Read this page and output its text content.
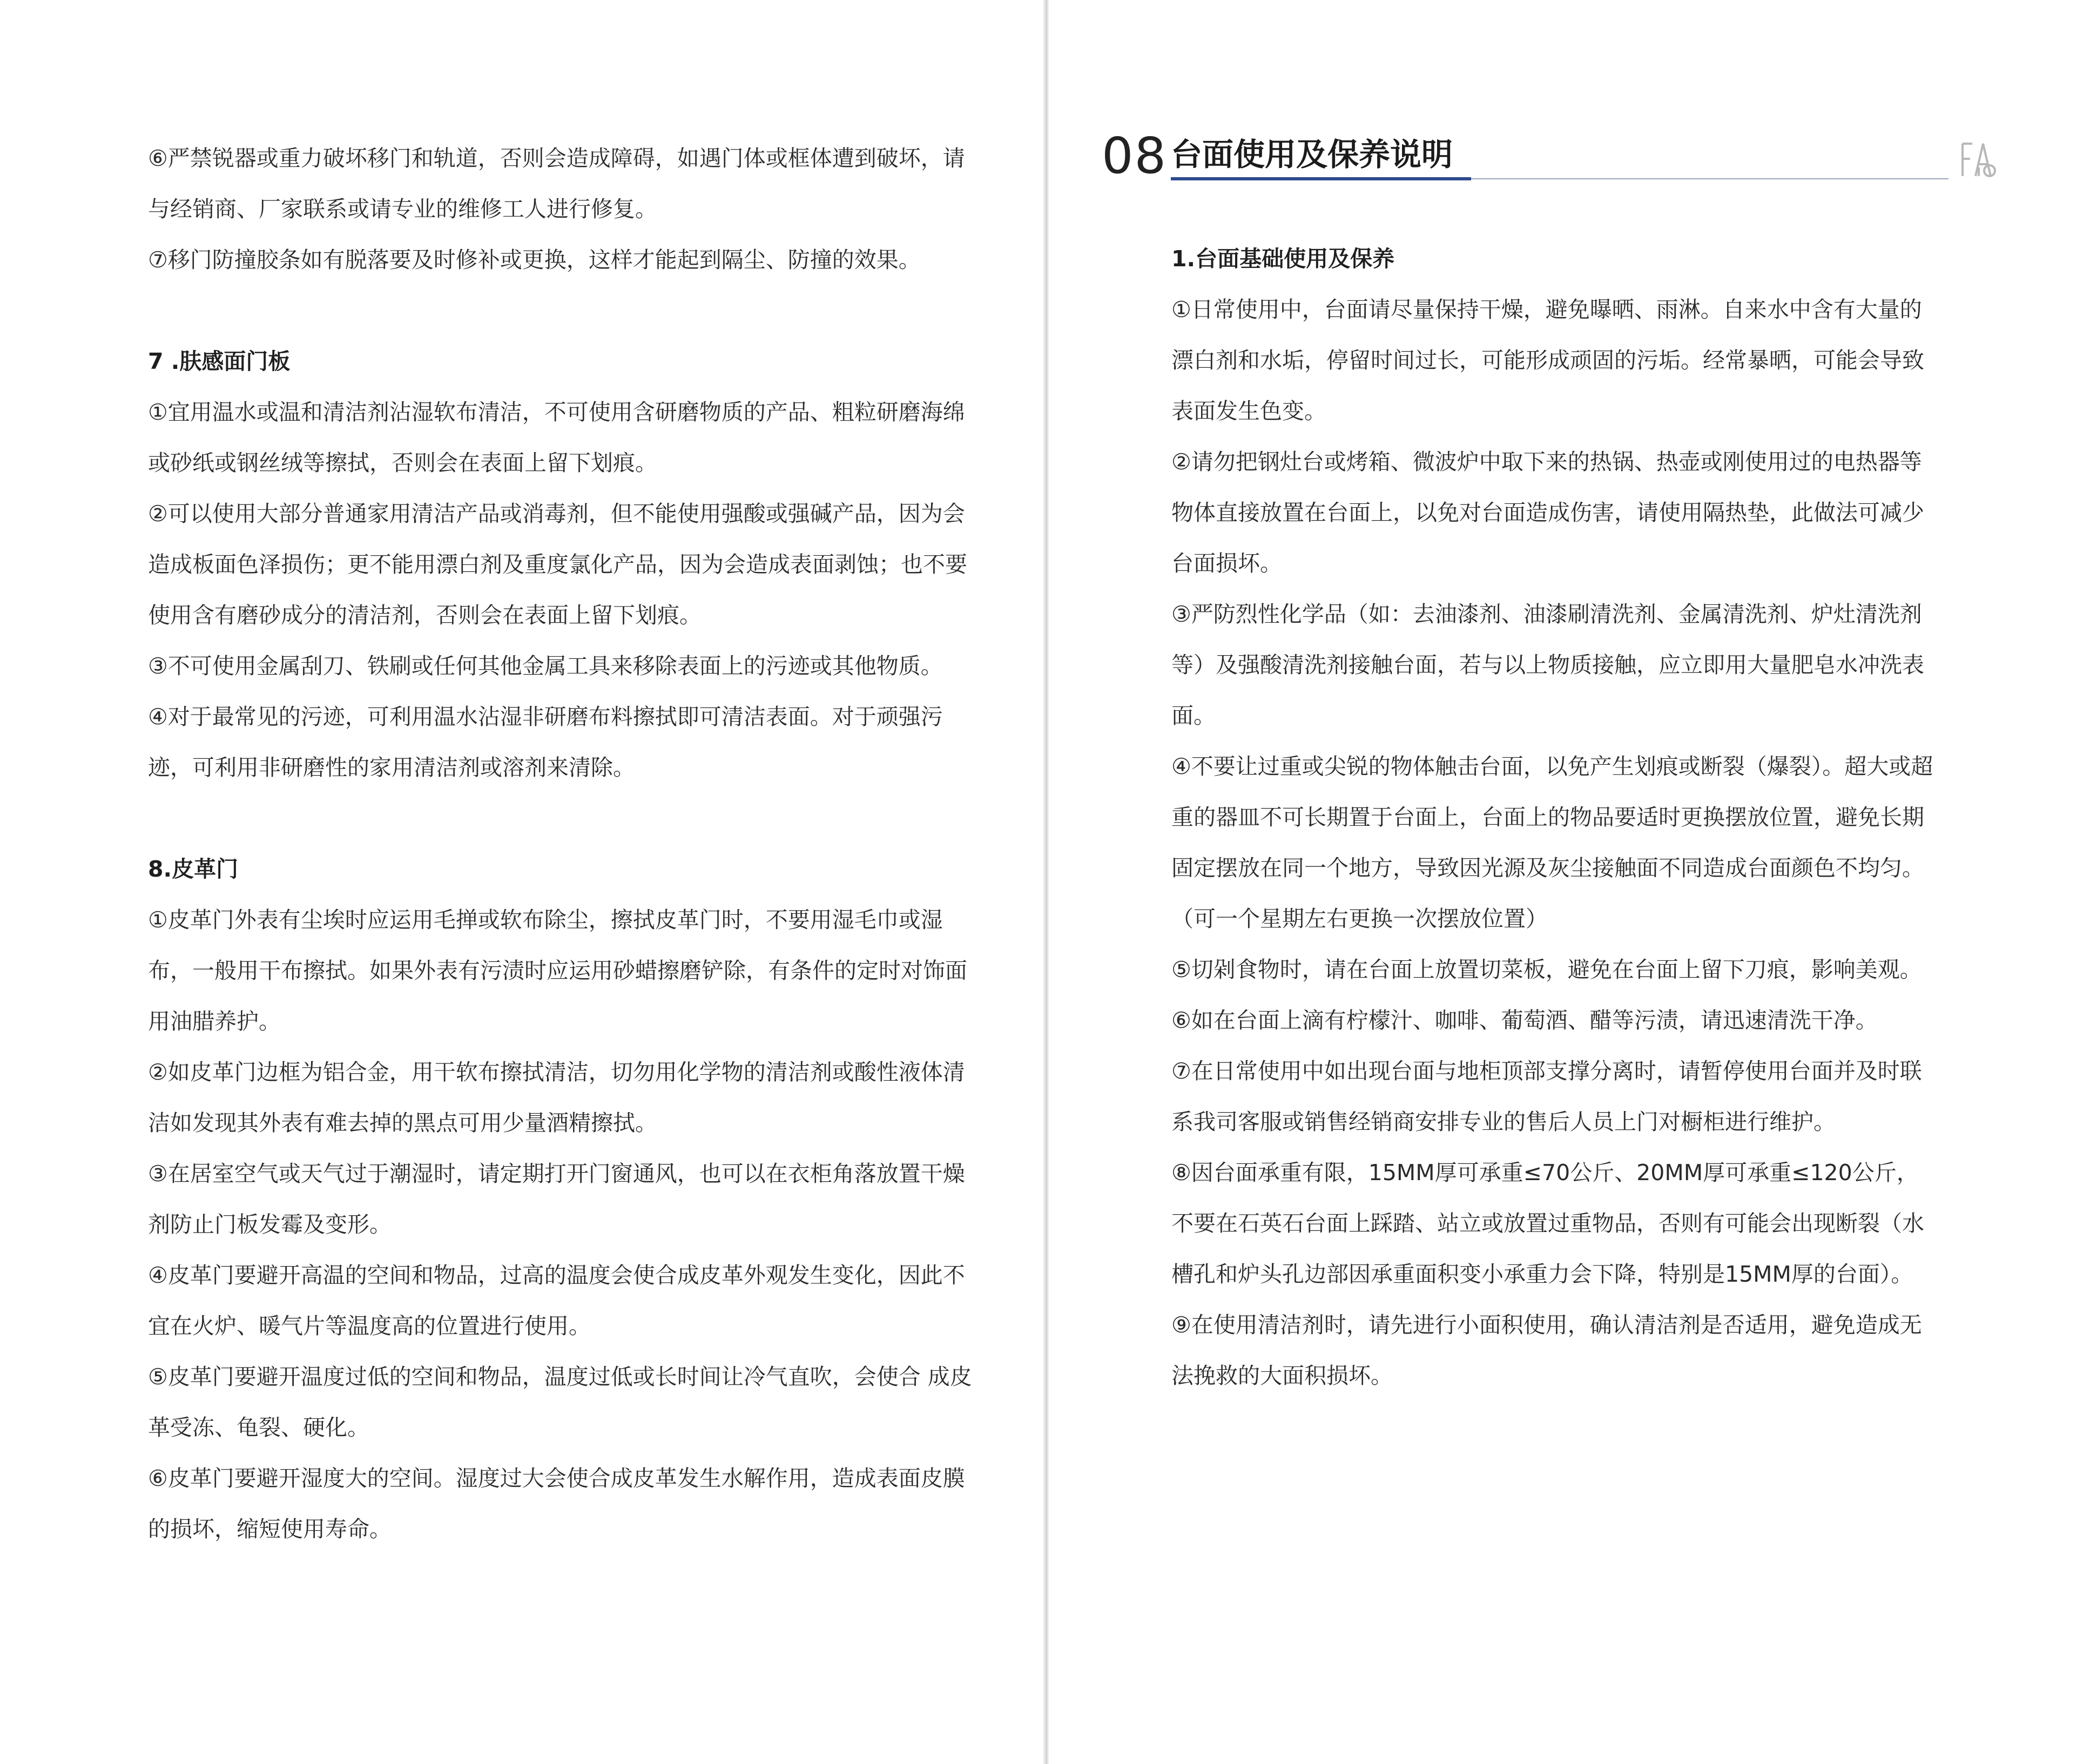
⑥严禁锐器或重力破坏移门和轨道，否则会造成障碍，如遇门体或框体遭到破坏，请与经销商、厂家联系或请专业的维修工人进行修复。

⑦移门防撞胶条如有脱落要及时修补或更换，这样才能起到隔尘、防撞的效果。

7 .肤感面门板

①宜用温水或温和清洁剂沾湿软布清洁，不可使用含研磨物质的产品、粗粒研磨海绵或砂纸或钢丝绒等擦拭，否则会在表面上留下划痕。

②可以使用大部分普通家用清洁产品或消毒剂，但不能使用强酸或强碱产品，因为会造成板面色泽损伤；更不能用漂白剂及重度氯化产品，因为会造成表面剥蚀；也不要使用含有磨砂成分的清洁剂，否则会在表面上留下划痕。

③不可使用金属刮刀、铁刷或任何其他金属工具来移除表面上的污迹或其他物质。

④对于最常见的污迹，可利用温水沾湿非研磨布料擦拭即可清洁表面。对于顽强污迹，可利用非研磨性的家用清洁剂或溶剂来清除。

8.皮革门

①皮革门外表有尘埃时应运用毛掸或软布除尘，擦拭皮革门时，不要用湿毛巾或湿布，一般用干布擦拭。如果外表有污渍时应运用砂蜡擦磨铲除，有条件的定时对饰面用油腊养护。

②如皮革门边框为铝合金，用干软布擦拭清洁，切勿用化学物的清洁剂或酸性液体清洁如发现其外表有难去掉的黑点可用少量酒精擦拭。

③在居室空气或天气过于潮湿时，请定期打开门窗通风，也可以在衣柜角落放置干燥剂防止门板发霉及变形。

④皮革门要避开高温的空间和物品，过高的温度会使合成皮革外观发生变化，因此不宜在火炉、暖气片等温度高的位置进行使用。

⑤皮革门要避开温度过低的空间和物品，温度过低或长时间让冷气直吹，会使合 成皮革受冻、龟裂、硬化。

⑥皮革门要避开湿度大的空间。湿度过大会使合成皮革发生水解作用，造成表面皮膜的损坏，缩短使用寿命。

08 台面使用及保养说明

1.台面基础使用及保养

①日常使用中，台面请尽量保持干燥，避免曝晒、雨淋。自来水中含有大量的漂白剂和水垢，停留时间过长，可能形成顽固的污垢。经常暴晒，可能会导致表面发生色变。

②请勿把钢灶台或烤箱、微波炉中取下来的热锅、热壶或刚使用过的电热器等物体直接放置在台面上，以免对台面造成伤害，请使用隔热垫，此做法可减少台面损坏。

③严防烈性化学品（如：去油漆剂、油漆刷清洗剂、金属清洗剂、炉灶清洗剂等）及强酸清洗剂接触台面，若与以上物质接触，应立即用大量肥皂水冲洗表面。

④不要让过重或尖锐的物体触击台面，以免产生划痕或断裂（爆裂）。超大或超重的器皿不可长期置于台面上，台面上的物品要适时更换摆放位置，避免长期固定摆放在同一个地方，导致因光源及灰尘接触面不同造成台面颜色不均匀。（可一个星期左右更换一次摆放位置）

⑤切剁食物时，请在台面上放置切菜板，避免在台面上留下刀痕，影响美观。

⑥如在台面上滴有柠檬汁、咖啡、葡萄酒、醋等污渍，请迅速清洗干净。

⑦在日常使用中如出现台面与地柜顶部支撑分离时，请暂停使用台面并及时联系我司客服或销售经销商安排专业的售后人员上门对橱柜进行维护。

⑧因台面承重有限，15MM厚可承重≤70公斤、20MM厚可承重≤120公斤，不要在石英石台面上踩踏、站立或放置过重物品，否则有可能会出现断裂（水槽孔和炉头孔边部因承重面积变小承重力会下降，特别是15MM厚的台面）。

⑨在使用清洁剂时，请先进行小面积使用，确认清洁剂是否适用，避免造成无法挽救的大面积损坏。
